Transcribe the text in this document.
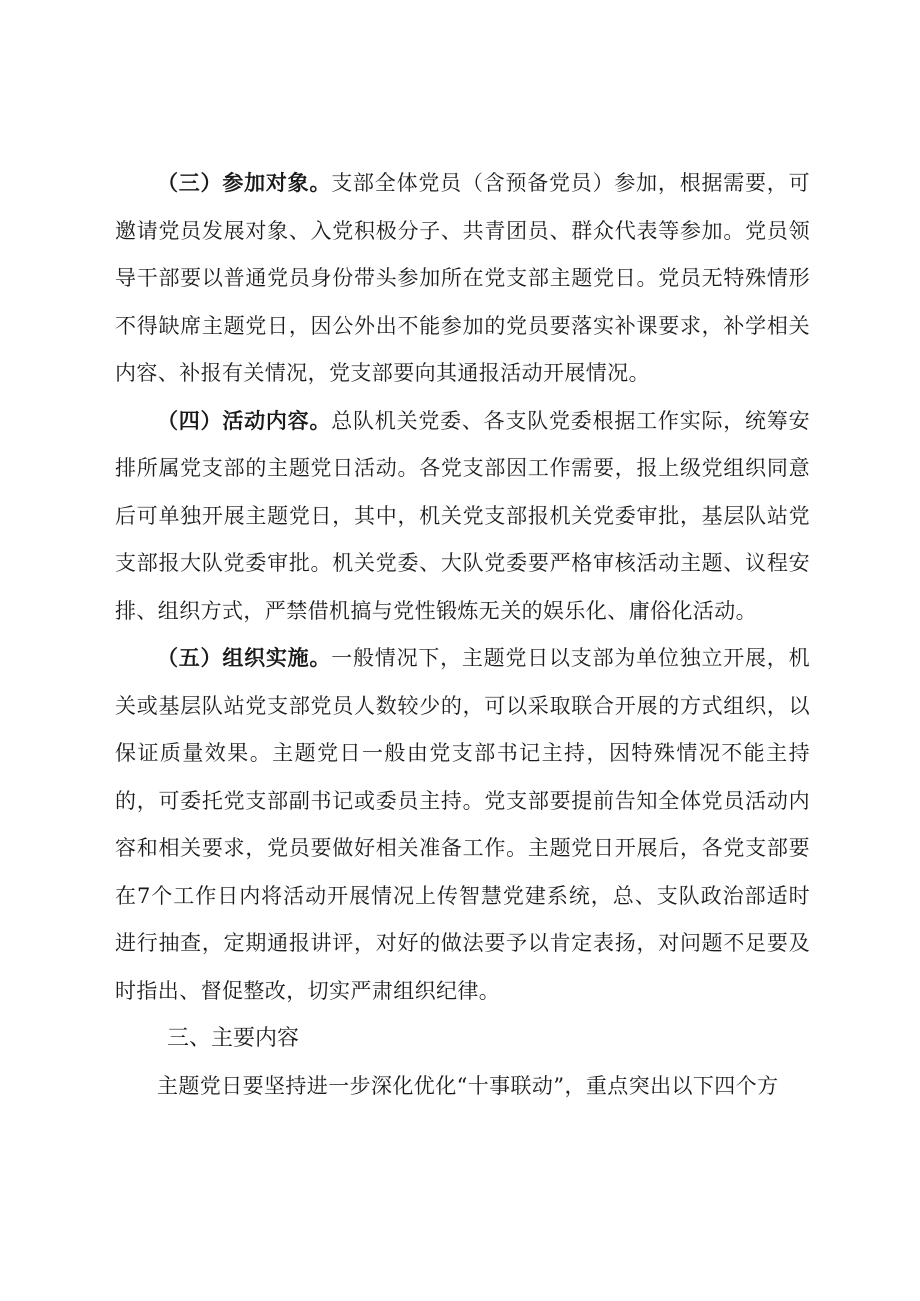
（三）参加对象。支部全体党员（含预备党员）参加，根据需要，可邀请党员发展对象、入党积极分子、共青团员、群众代表等参加。党员领导干部要以普通党员身份带头参加所在党支部主题党日。党员无特殊情形不得缺席主题党日，因公外出不能参加的党员要落实补课要求，补学相关内容、补报有关情况，党支部要向其通报活动开展情况。

（四）活动内容。总队机关党委、各支队党委根据工作实际，统筹安排所属党支部的主题党日活动。各党支部因工作需要，报上级党组织同意后可单独开展主题党日，其中，机关党支部报机关党委审批，基层队站党支部报大队党委审批。机关党委、大队党委要严格审核活动主题、议程安排、组织方式，严禁借机搞与党性锻炼无关的娱乐化、庸俗化活动。

（五）组织实施。一般情况下，主题党日以支部为单位独立开展，机关或基层队站党支部党员人数较少的，可以采取联合开展的方式组织，以保证质量效果。主题党日一般由党支部书记主持，因特殊情况不能主持的，可委托党支部副书记或委员主持。党支部要提前告知全体党员活动内容和相关要求，党员要做好相关准备工作。主题党日开展后，各党支部要在7个工作日内将活动开展情况上传智慧党建系统，总、支队政治部适时进行抽查，定期通报讲评，对好的做法要予以肯定表扬，对问题不足要及时指出、督促整改，切实严肃组织纪律。

三、主要内容

主题党日要坚持进一步深化优化“十事联动”，重点突出以下四个方
